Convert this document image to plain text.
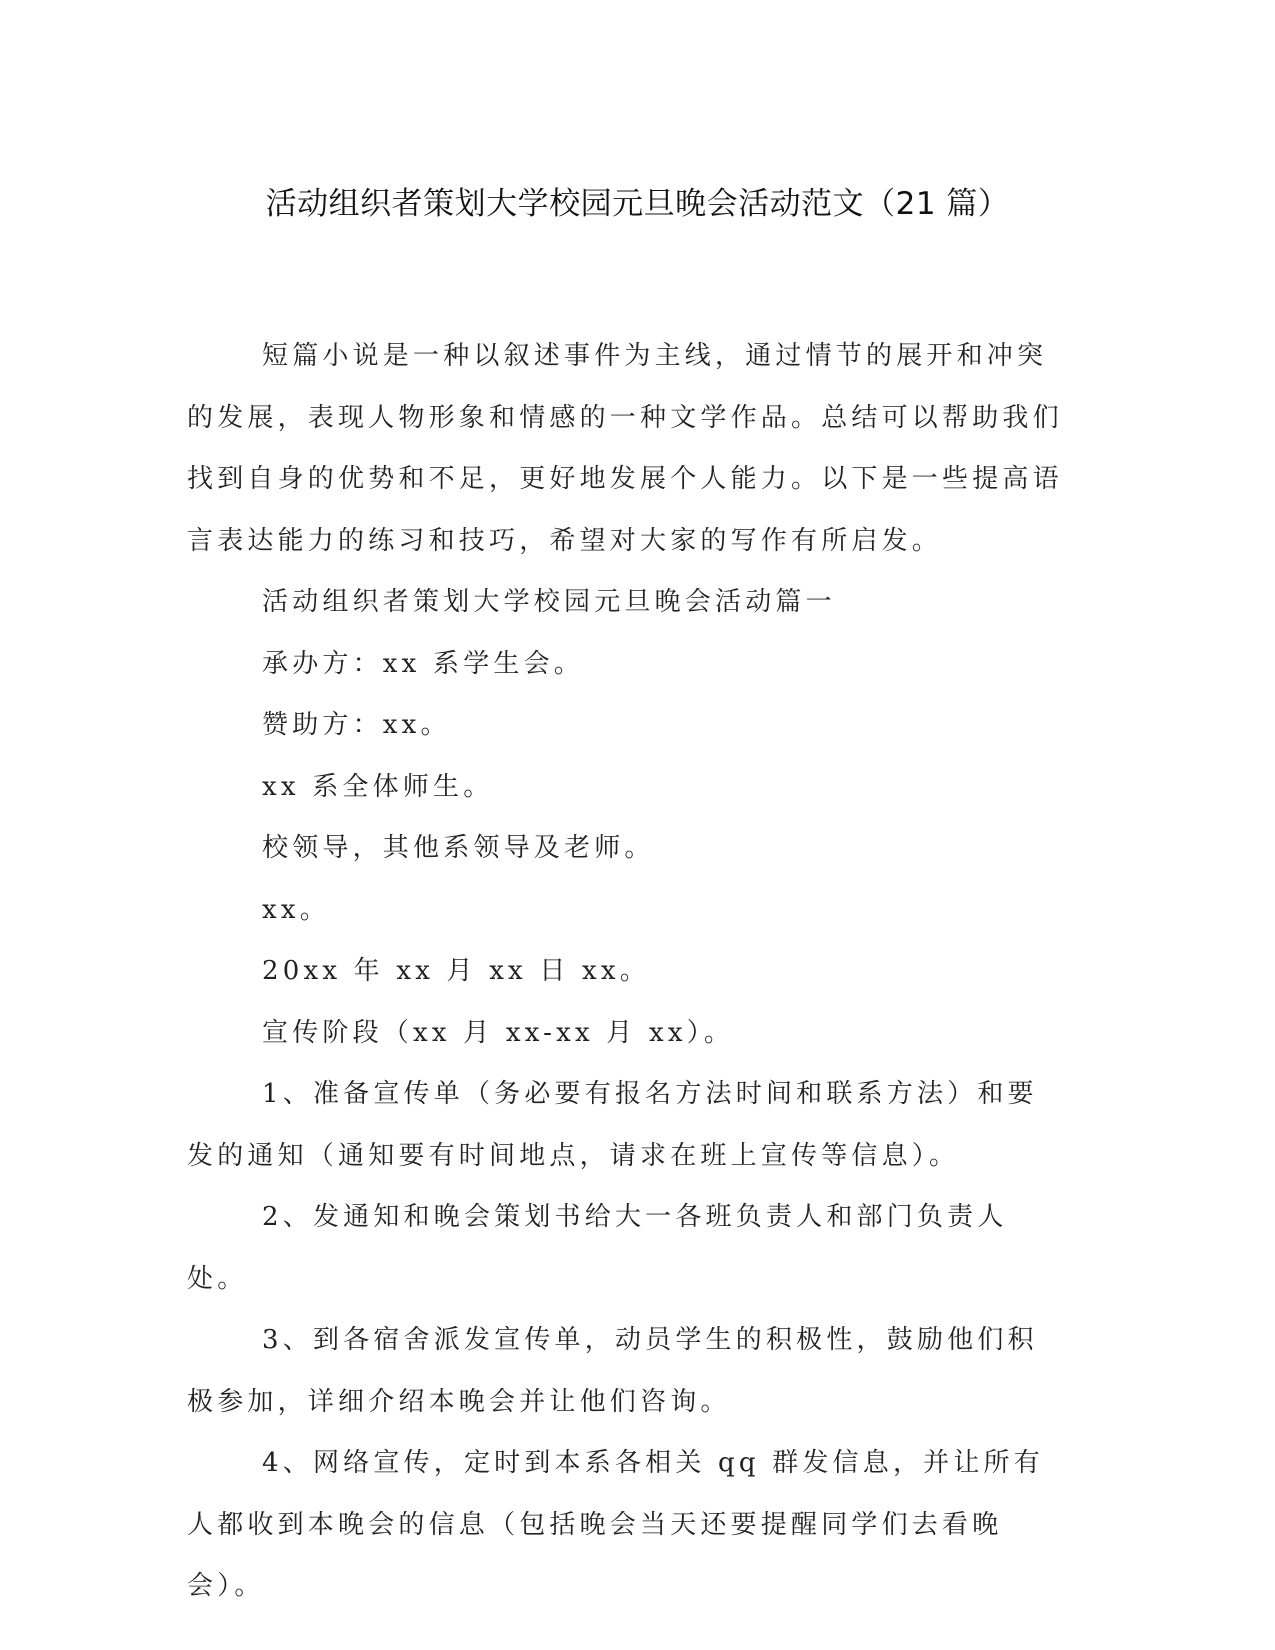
活动组织者策划大学校园元旦晚会活动范文（21 篇）

短篇小说是一种以叙述事件为主线，通过情节的展开和冲突的发展，表现人物形象和情感的一种文学作品。总结可以帮助我们找到自身的优势和不足，更好地发展个人能力。以下是一些提高语言表达能力的练习和技巧，希望对大家的写作有所启发。

活动组织者策划大学校园元旦晚会活动篇一

承办方：xx 系学生会。

赞助方：xx。

xx 系全体师生。

校领导，其他系领导及老师。

xx。

20xx 年 xx 月 xx 日 xx。

宣传阶段（xx 月 xx-xx 月 xx）。

1、准备宣传单（务必要有报名方法时间和联系方法）和要发的通知（通知要有时间地点，请求在班上宣传等信息）。

2、发通知和晚会策划书给大一各班负责人和部门负责人处。

3、到各宿舍派发宣传单，动员学生的积极性，鼓励他们积极参加，详细介绍本晚会并让他们咨询。

4、网络宣传，定时到本系各相关 qq 群发信息，并让所有人都收到本晚会的信息（包括晚会当天还要提醒同学们去看晚会）。
